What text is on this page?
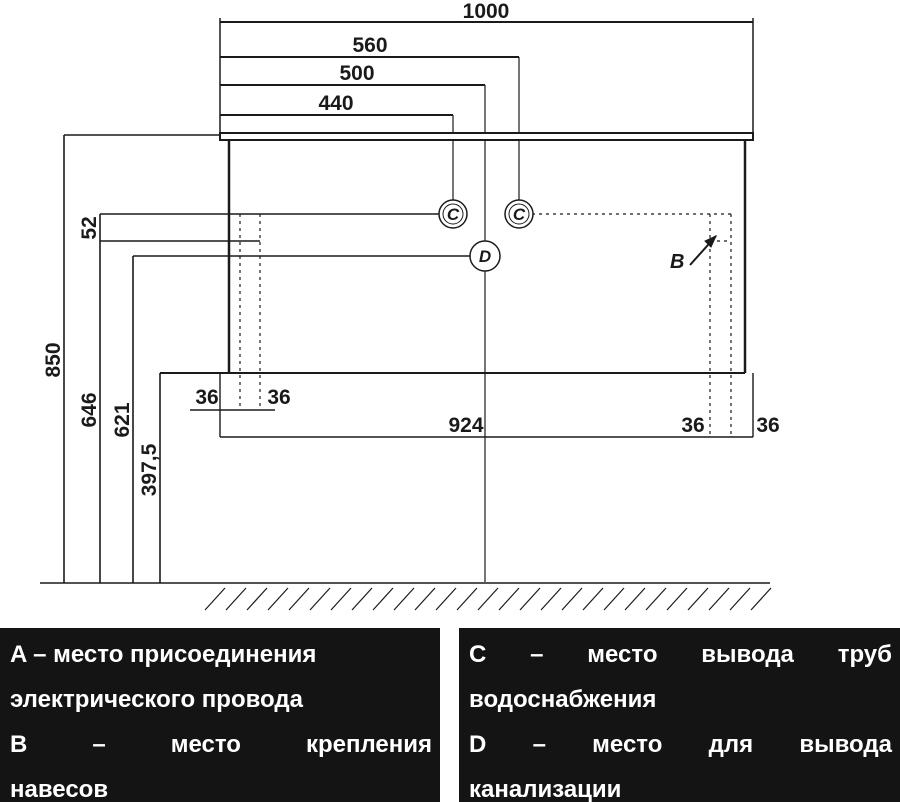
C	C
D	B
1000
560
500
440
850
646 621
397,5
52
36 36
924	36 36
A – место присоединения
электрического провода
B	–	место	крепления
навесов
C – место вывода труб
водоснабжения
D – место для вывода
канализации
